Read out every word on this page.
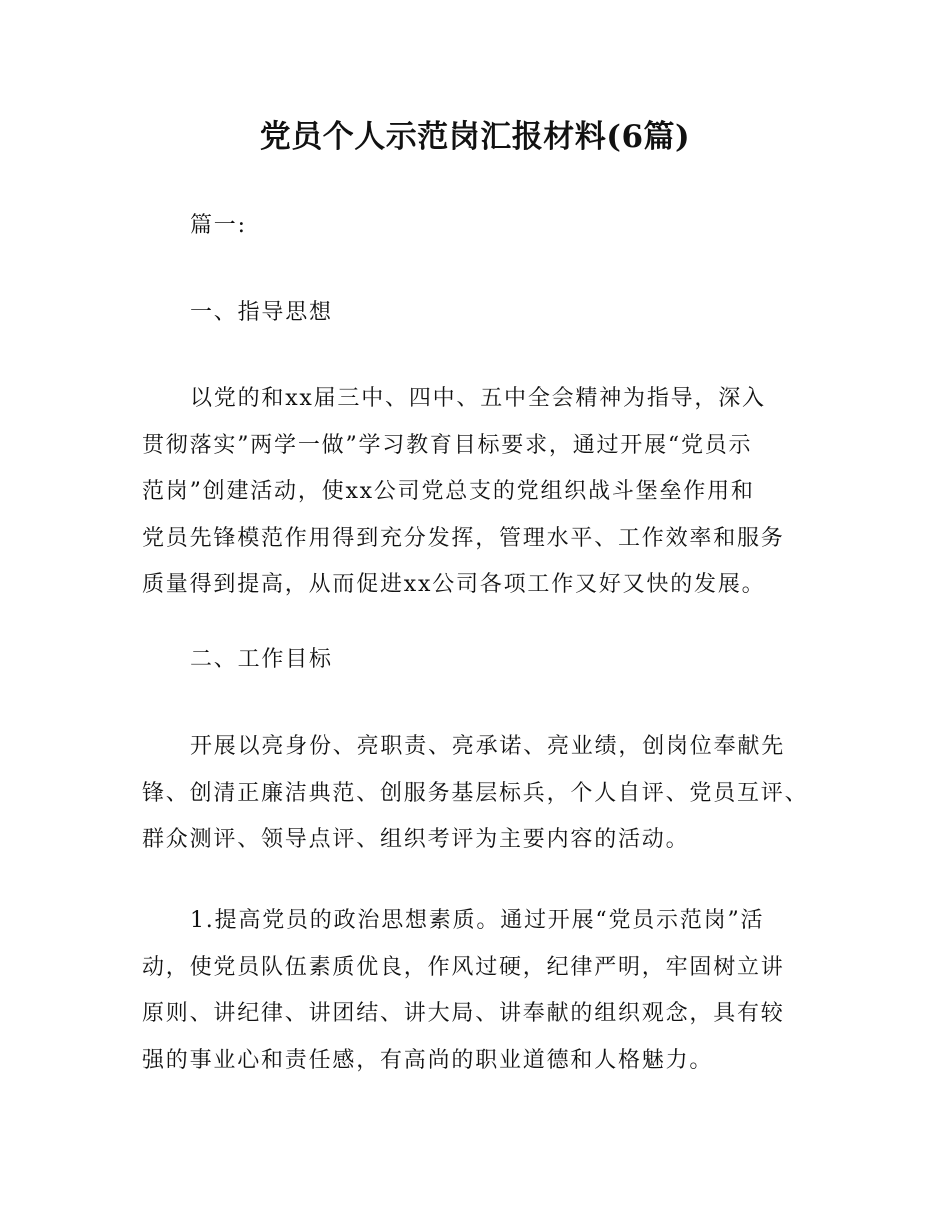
党员个人示范岗汇报材料(6篇)
篇一:
一、指导思想
以党的和xx届三中、四中、五中全会精神为指导，深入
贯彻落实”两学一做”学习教育目标要求，通过开展“党员示
范岗”创建活动，使xx公司党总支的党组织战斗堡垒作用和
党员先锋模范作用得到充分发挥，管理水平、工作效率和服务
质量得到提高，从而促进xx公司各项工作又好又快的发展。
二、工作目标
开展以亮身份、亮职责、亮承诺、亮业绩，创岗位奉献先
锋、创清正廉洁典范、创服务基层标兵，个人自评、党员互评、
群众测评、领导点评、组织考评为主要内容的活动。
1.提高党员的政治思想素质。通过开展“党员示范岗”活
动，使党员队伍素质优良，作风过硬，纪律严明，牢固树立讲
原则、讲纪律、讲团结、讲大局、讲奉献的组织观念，具有较
强的事业心和责任感，有高尚的职业道德和人格魅力。
